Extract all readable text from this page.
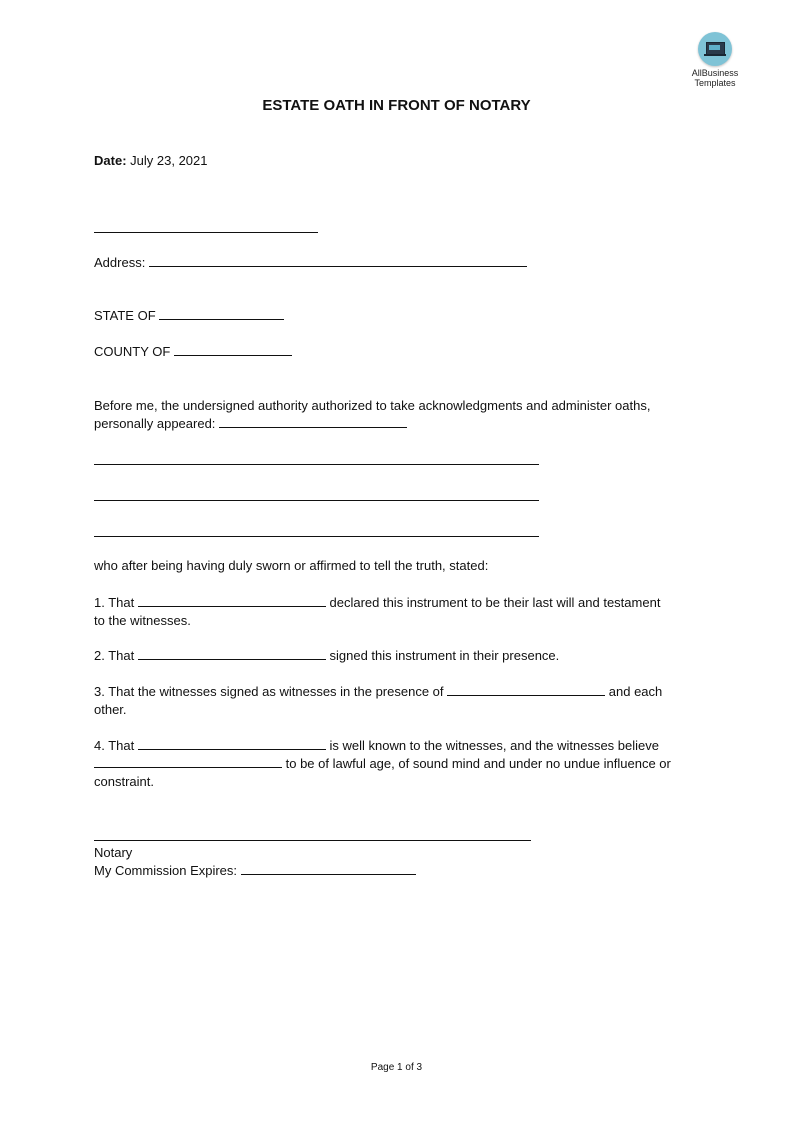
AllBusiness
Templates
ESTATE OATH IN FRONT OF NOTARY
Date: July 23, 2021
Address:
STATE OF
COUNTY OF
Before me, the undersigned authority authorized to take acknowledgments and administer oaths,
personally appeared:
who after being having duly sworn or affirmed to tell the truth, stated:
1. That	declared this instrument to be their last will and testament
to the witnesses.
2. That	signed this instrument in their presence.
3. That the witnesses signed as witnesses in the presence of	and each
other.
4. That	is well known to the witnesses, and the witnesses believe
to be of lawful age, of sound mind and under no undue influence or
constraint.
Notary
My Commission Expires:
Page 1 of 3
